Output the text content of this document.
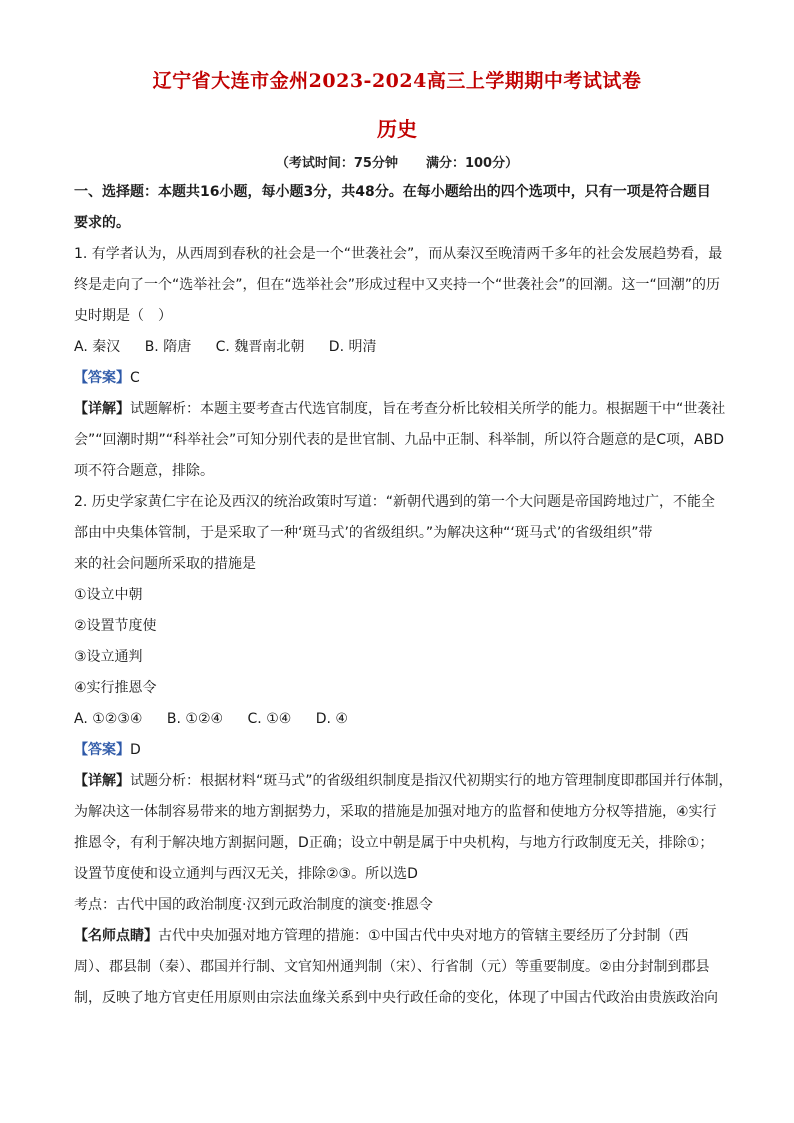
辽宁省大连市金州2023-2024高三上学期期中考试试卷
历史
（考试时间：75分钟 满分：100分）
一、选择题：本题共16小题，每小题3分，共48分。在每小题给出的四个选项中，只有一项是符合题目
要求的。
1. 有学者认为，从西周到春秋的社会是一个“世袭社会”，而从秦汉至晚清两千多年的社会发展趋势看，最
终是走向了一个“选举社会”，但在“选举社会”形成过程中又夹持一个“世袭社会”的回潮。这一“回潮”的历
史时期是（　）
A. 秦汉 B. 隋唐 C. 魏晋南北朝 D. 明清
【答案】C
【详解】试题解析：本题主要考查古代选官制度，旨在考查分析比较相关所学的能力。根据题干中“世袭社
会”“回潮时期”“科举社会”可知分别代表的是世官制、九品中正制、科举制，所以符合题意的是C项，ABD
项不符合题意，排除。
2. 历史学家黄仁宇在论及西汉的统治政策时写道：“新朝代遇到的第一个大问题是帝国跨地过广，不能全
部由中央集体管制，于是采取了一种‘斑马式’的省级组织。”为解决这种“‘斑马式’的省级组织”带
来的社会问题所采取的措施是
①设立中朝
②设置节度使
③设立通判
④实行推恩令
A. ①②③④ B. ①②④ C. ①④ D. ④
【答案】D
【详解】试题分析：根据材料“斑马式”的省级组织制度是指汉代初期实行的地方管理制度即郡国并行体制，
为解决这一体制容易带来的地方割据势力，采取的措施是加强对地方的监督和使地方分权等措施，④实行
推恩令，有利于解决地方割据问题，D正确；设立中朝是属于中央机构，与地方行政制度无关，排除①；
设置节度使和设立通判与西汉无关，排除②③。所以选D
考点：古代中国的政治制度·汉到元政治制度的演变·推恩令
【名师点睛】古代中央加强对地方管理的措施：①中国古代中央对地方的管辖主要经历了分封制（西
周）、郡县制（秦）、郡国并行制、文官知州通判制（宋）、行省制（元）等重要制度。②由分封制到郡县
制，反映了地方官吏任用原则由宗法血缘关系到中央行政任命的变化，体现了中国古代政治由贵族政治向
